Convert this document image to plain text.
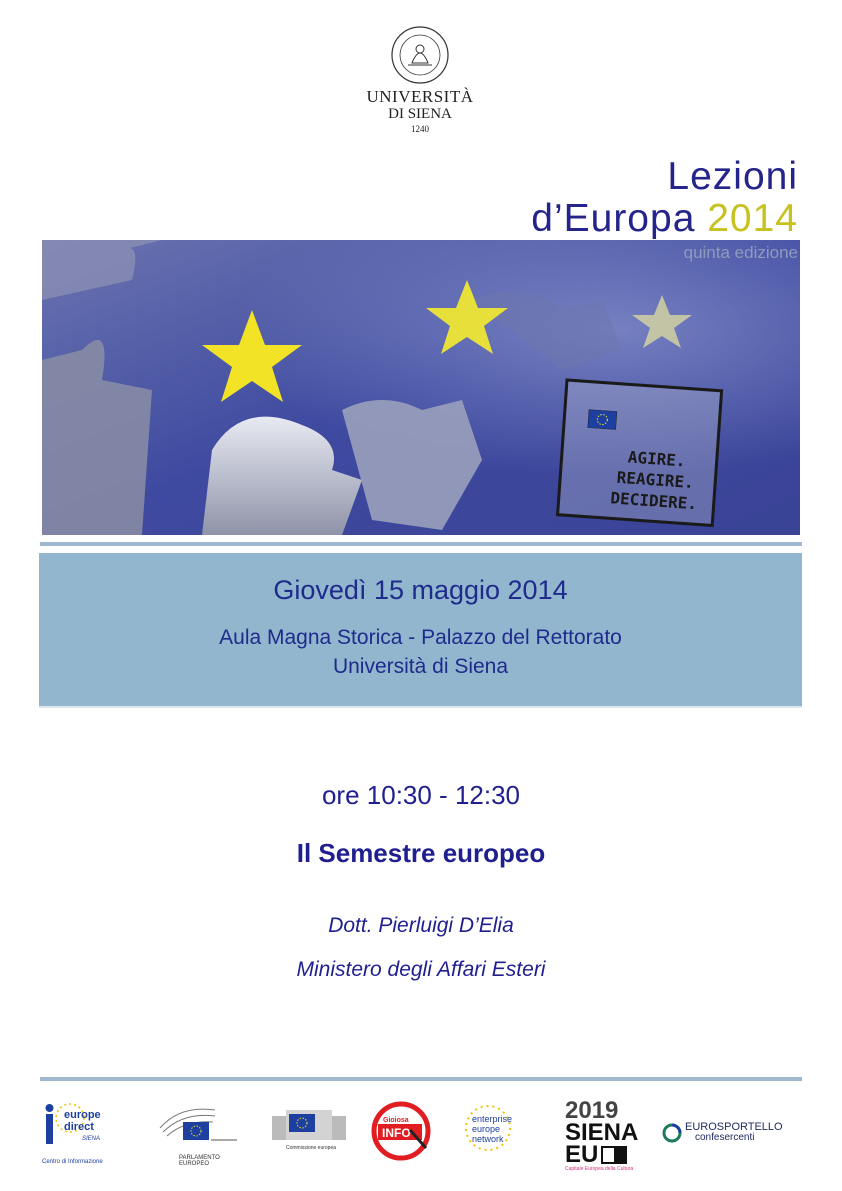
UNIVERSITÀ
DI SIENA
1240
AGIRE.
REAGIRE.
DECIDERE.
Lezioni
d’Europa 2014
quinta edizione
Giovedì 15 maggio 2014
Aula Magna Storica - Palazzo del Rettorato
Università di Siena
ore 10:30 - 12:30
Il Semestre europeo
Dott. Pierluigi D’Elia
Ministero degli Affari Esteri
europe
direct
SIENA
Centro di Informazione
PARLAMENTO EUROPEO
Commissione europea
Gioiosa
INFO
enterprise
europe
network
2019
SIENA
EU
Capitale Europea della Cultura
EUROSPORTELLO
confesercenti
